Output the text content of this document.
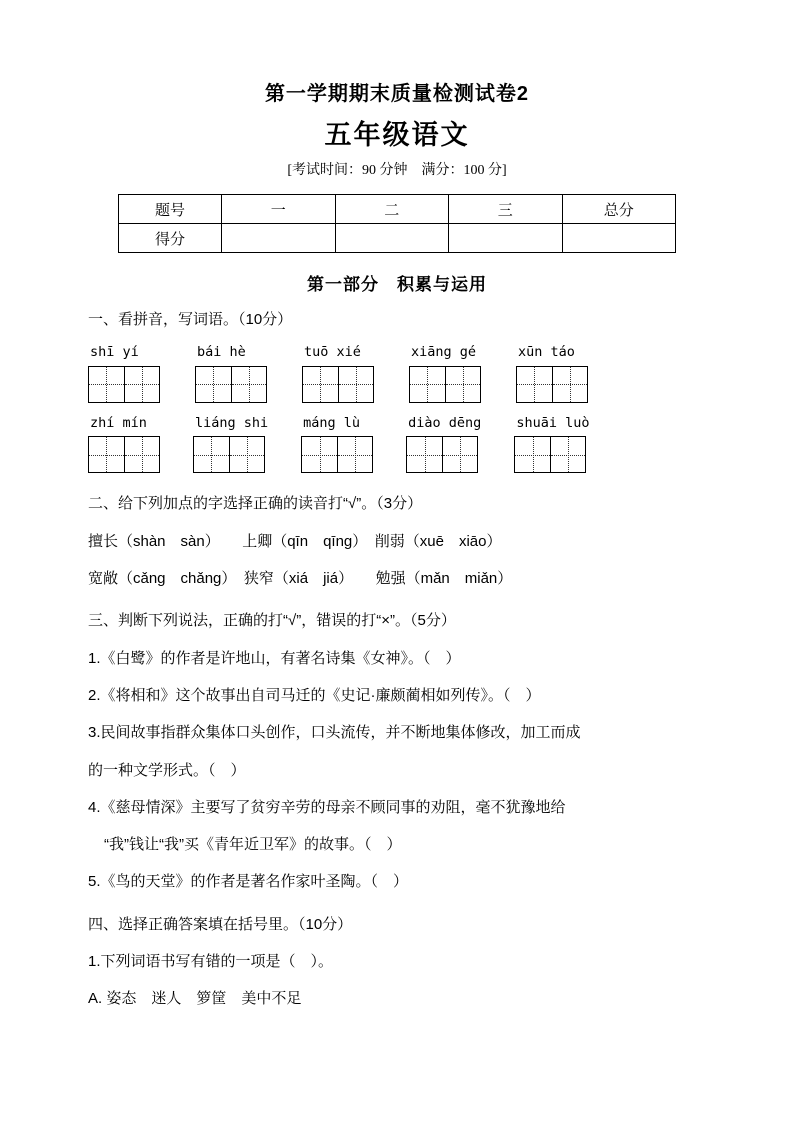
第一学期期末质量检测试卷2
五年级语文
[考试时间：90 分钟　满分：100 分]
题号	一	二	三	总分
得分				
第一部分　积累与运用

一、看拼音，写词语。（10分）

shī yí	bái hè	tuō xié	xiāng gé	xūn táo
zhí mín	liáng shi	máng lù	diào dēng	shuāi luò

二、给下列加点的字选择正确的读音打“√”。（3分）

擅长（shàn　sàn）　　上卿（qīn　qīng）　削弱（xuē　xiāo）

宽敞（cǎng　chǎng）　狭窄（xiá　jiá）　　勉强（mǎn　miǎn）

三、判断下列说法，正确的打“√”，错误的打“×”。（5分）

1.《白鹭》的作者是许地山，有著名诗集《女神》。（　）

2.《将相和》这个故事出自司马迁的《史记·廉颇蔺相如列传》。（　）

3.民间故事指群众集体口头创作，口头流传，并不断地集体修改，加工而成

的一种文学形式。（　）

4.《慈母情深》主要写了贫穷辛劳的母亲不顾同事的劝阻，毫不犹豫地给

“我”钱让“我”买《青年近卫军》的故事。（　）

5.《鸟的天堂》的作者是著名作家叶圣陶。（　）

四、选择正确答案填在括号里。（10分）

1.下列词语书写有错的一项是（　）。

A. 姿态　迷人　箩筐　美中不足
